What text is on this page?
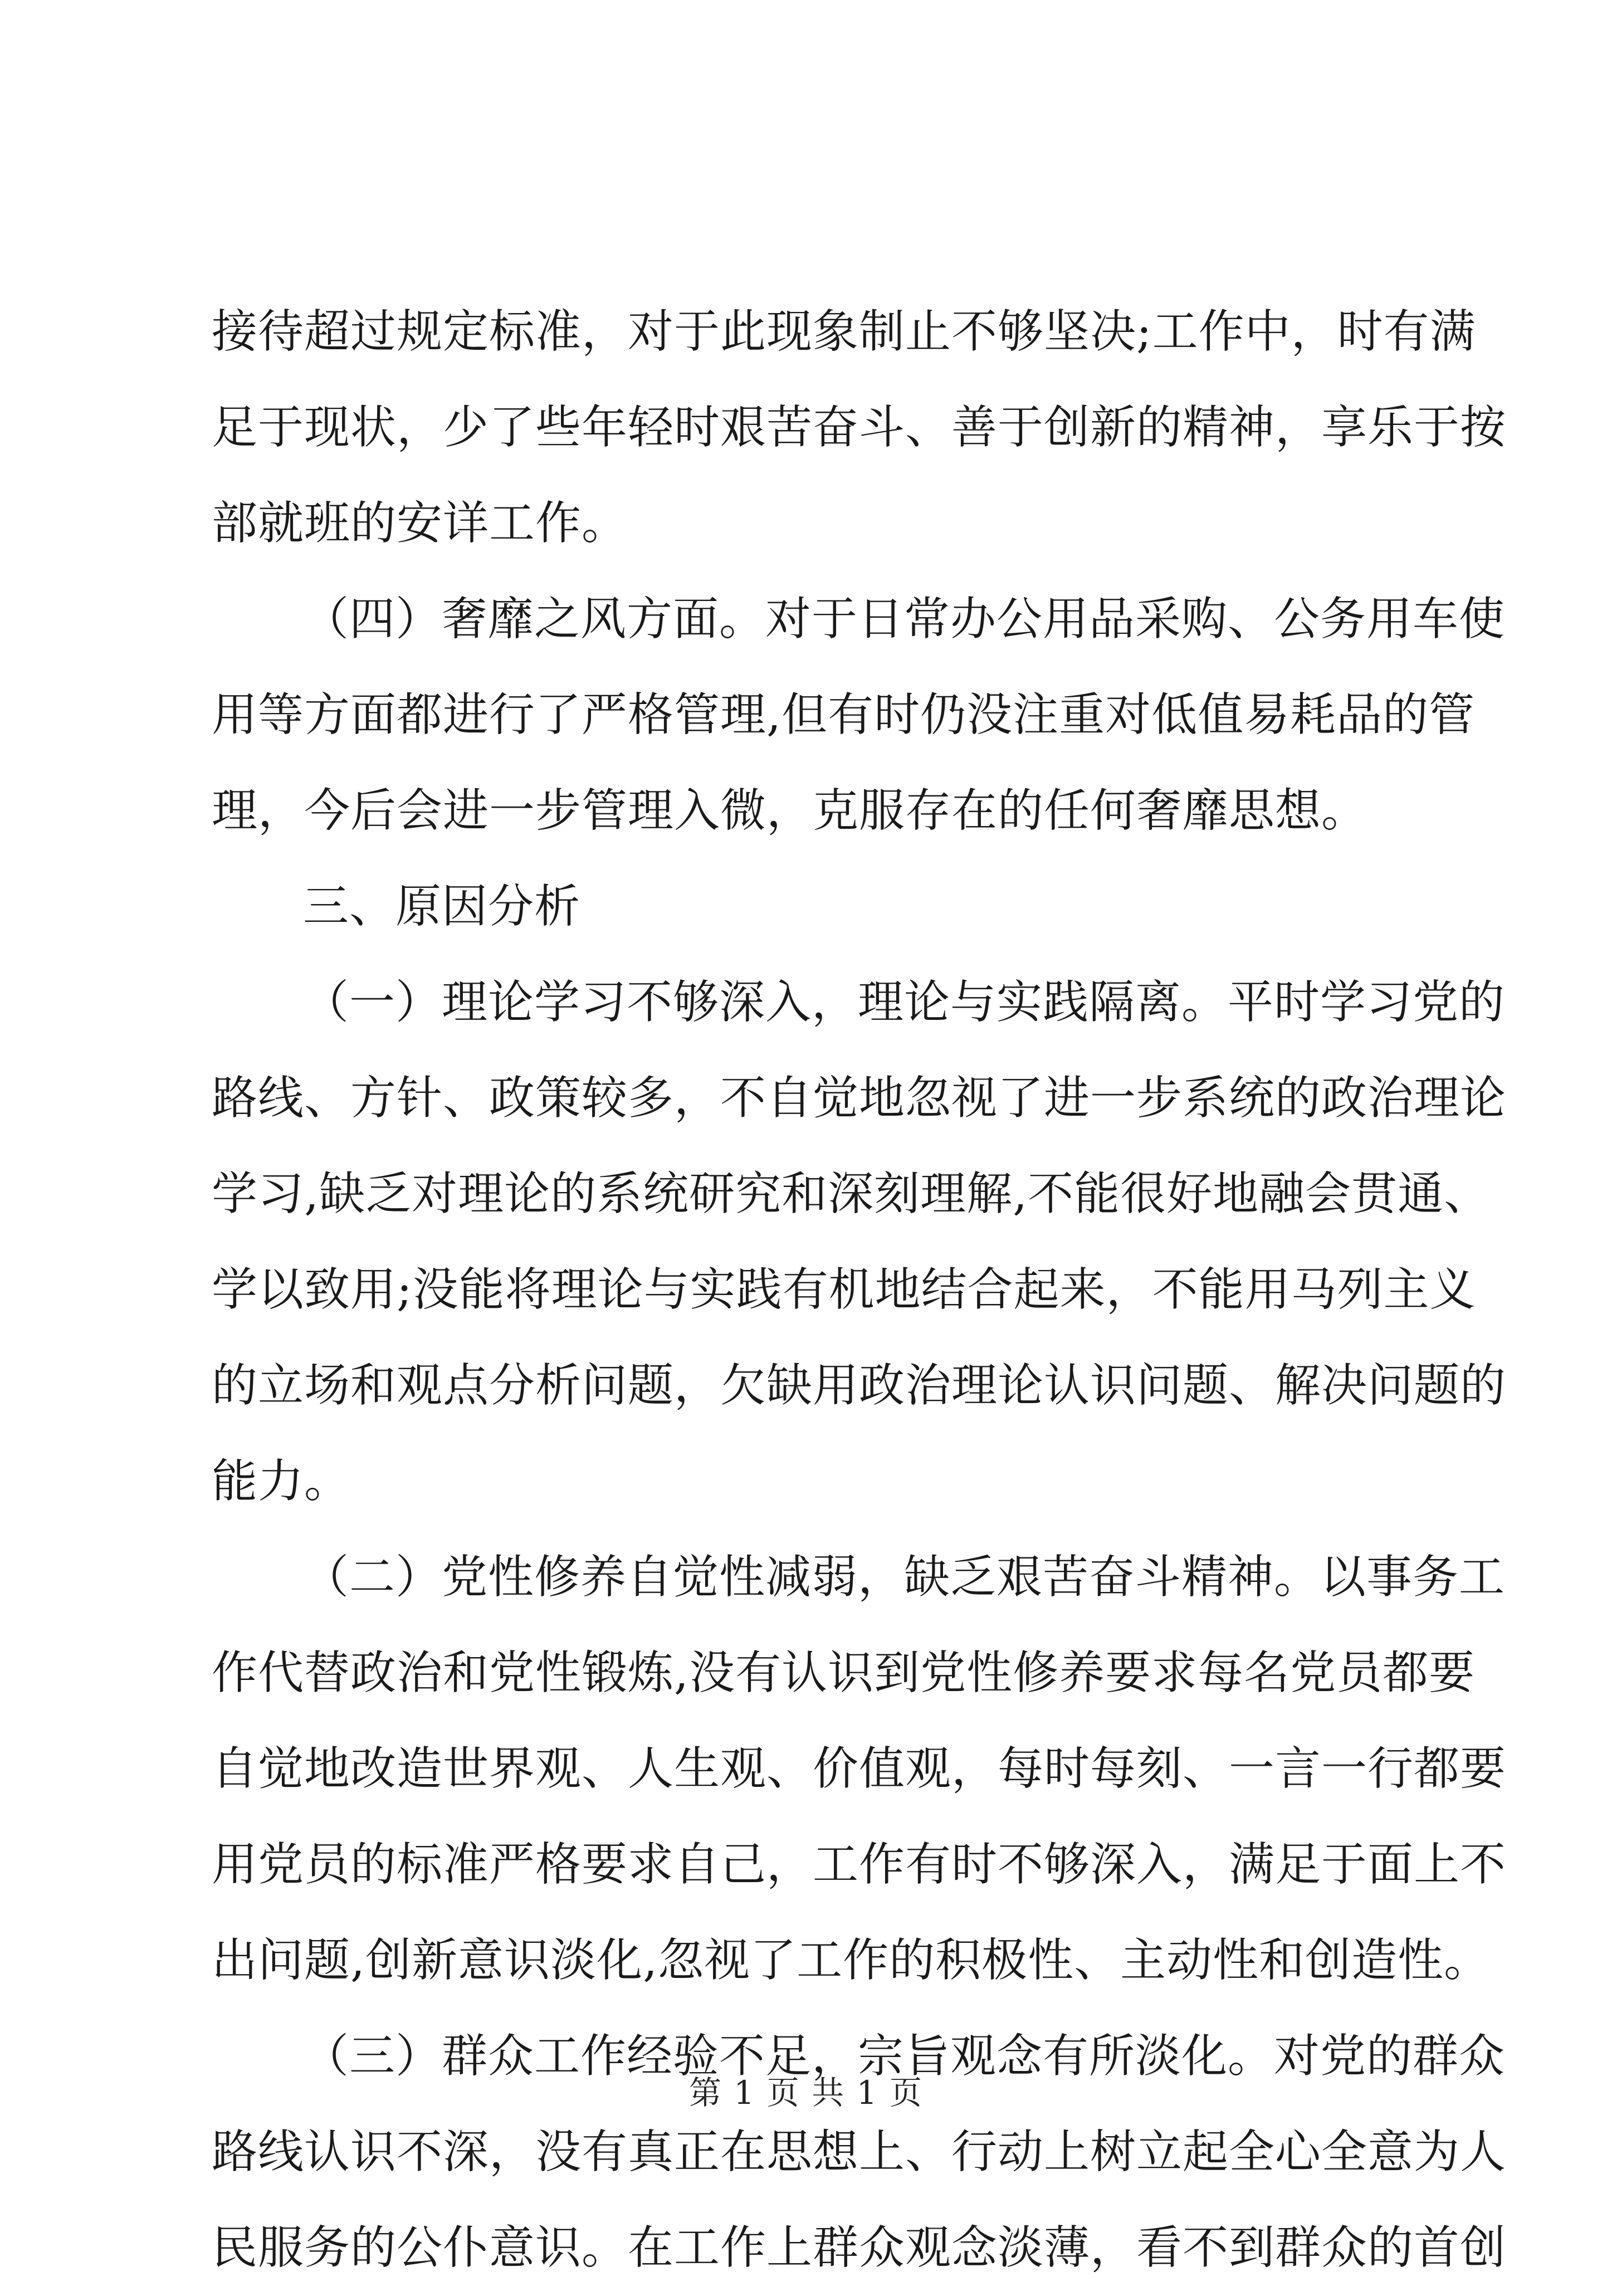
接待超过规定标准，对于此现象制止不够坚决;工作中，时有满
足于现状，少了些年轻时艰苦奋斗、善于创新的精神，享乐于按
部就班的安详工作。
（四）奢靡之风方面。对于日常办公用品采购、公务用车使
用等方面都进行了严格管理,但有时仍没注重对低值易耗品的管
理，今后会进一步管理入微，克服存在的任何奢靡思想。
三、原因分析
（一）理论学习不够深入，理论与实践隔离。平时学习党的
路线、方针、政策较多，不自觉地忽视了进一步系统的政治理论
学习,缺乏对理论的系统研究和深刻理解,不能很好地融会贯通、
学以致用;没能将理论与实践有机地结合起来，不能用马列主义
的立场和观点分析问题，欠缺用政治理论认识问题、解决问题的
能力。
（二）党性修养自觉性减弱，缺乏艰苦奋斗精神。以事务工
作代替政治和党性锻炼,没有认识到党性修养要求每名党员都要
自觉地改造世界观、人生观、价值观，每时每刻、一言一行都要
用党员的标准严格要求自己，工作有时不够深入，满足于面上不
出问题,创新意识淡化,忽视了工作的积极性、主动性和创造性。
（三）群众工作经验不足，宗旨观念有所淡化。对党的群众
路线认识不深，没有真正在思想上、行动上树立起全心全意为人
民服务的公仆意识。在工作上群众观念淡薄，看不到群众的首创
第 1 页 共 1 页
